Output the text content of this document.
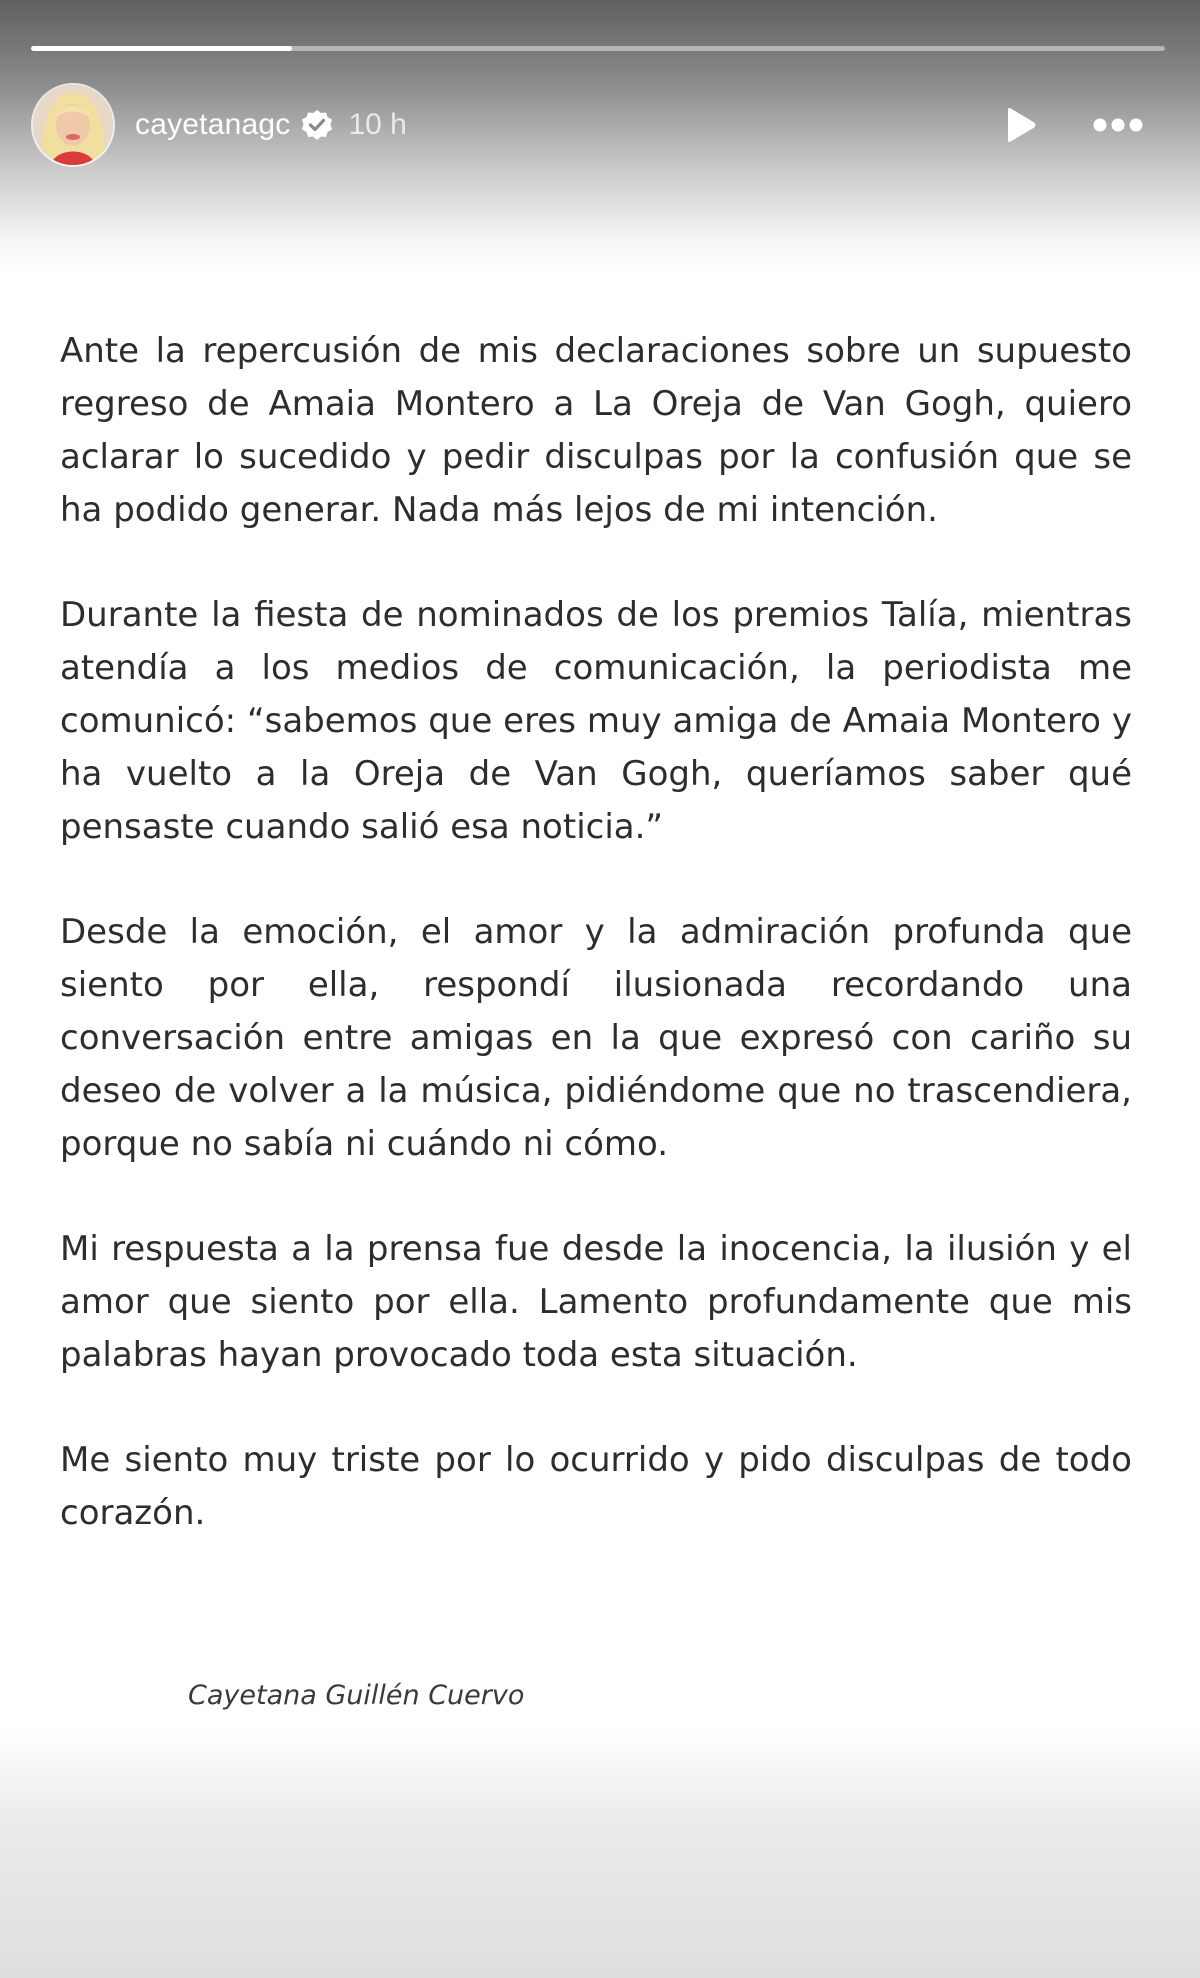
cayetanagc 10 h

Ante la repercusión de mis declaraciones sobre un supuesto regreso de Amaia Montero a La Oreja de Van Gogh, quiero aclarar lo sucedido y pedir disculpas por la confusión que se ha podido generar. Nada más lejos de mi intención.

Durante la fiesta de nominados de los premios Talía, mientras atendía a los medios de comunicación, la periodista me comunicó: “sabemos que eres muy amiga de Amaia Montero y ha vuelto a la Oreja de Van Gogh, queríamos saber qué pensaste cuando salió esa noticia.”

Desde la emoción, el amor y la admiración profunda que siento por ella, respondí ilusionada recordando una conversación entre amigas en la que expresó con cariño su deseo de volver a la música, pidiéndome que no trascendiera, porque no sabía ni cuándo ni cómo.

Mi respuesta a la prensa fue desde la inocencia, la ilusión y el amor que siento por ella. Lamento profundamente que mis palabras hayan provocado toda esta situación.

Me siento muy triste por lo ocurrido y pido disculpas de todo corazón.

Cayetana Guillén Cuervo
